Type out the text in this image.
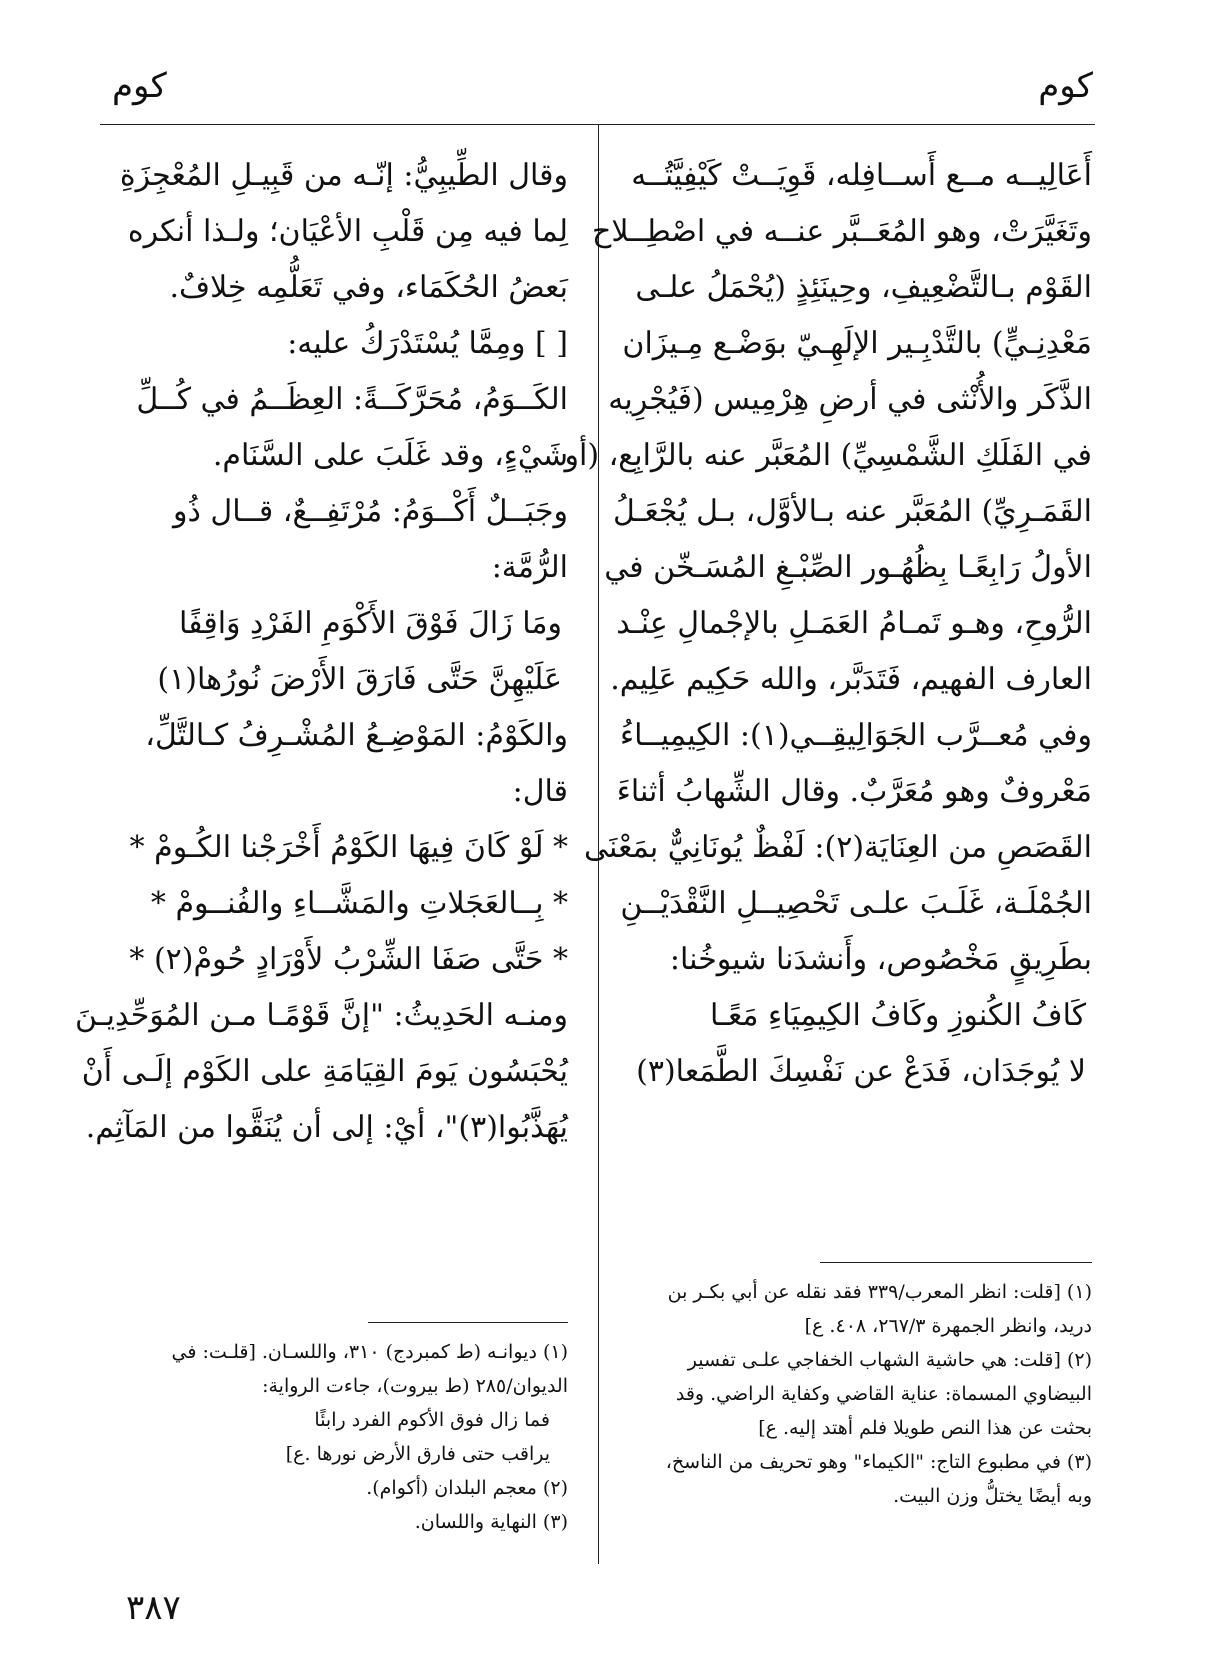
كوم
كوم
أَعَالِيــه مــع أَســافِله، قَوِيَــتْ كَيْفِيَّتُــه
وتَغَيَّرَتْ، وهو المُعَــبَّر عنــه في اصْطِــلاح
القَوْم بـالتَّضْعِيفِ، وحِينَئِذٍ (يُحْمَلُ علـى
مَعْدِنِـيٍّ) بالتَّدْبِـير الإلَهِـيّ بوَضْـع مِـيزَان
الذَّكَر والأُنْثى في أرضِ هِرْمِيس (فَيُجْرِيه
في الفَلَكِ الشَّمْسِيِّ) المُعَبَّر عنه بالرَّابِع، (أو
القَمَـرِيِّ) المُعَبَّر عنه بـالأوَّل، بـل يُجْعَـلُ
الأولُ رَابِعًـا بِظُهُـور الصِّبْـغِ المُسَـخّن في
الرُّوحِ، وهـو تَمـامُ العَمَـلِ بالإجْمالِ عِنْـد
العارف الفهيم، فَتَدَبَّر، والله حَكِيم عَلِيم.
وفي مُعــرَّب الجَوَالِيقِــي(١): الكِيمِيــاءُ
مَعْروفٌ وهو مُعَرَّبٌ. وقال الشِّهابُ أثناءَ
القَصَصِ من العِنَايَة(٢): لَفْظٌ يُونَانِيٌّ بمَعْنَى
الجُمْلَـة، غَلَـبَ علـى تَحْصِيــلِ النَّقْدَيْــنِ
بطَرِيقٍ مَخْصُوص، وأَنشدَنا شيوخُنا:
كَافُ الكُنوزِ وكَافُ الكِيمِيَاءِ مَعًـا
لا يُوجَدَان، فَدَعْ عن نَفْسِكَ الطَّمَعا(٣)
(١) [قلت: انظر المعرب/٣٣٩ فقد نقله عن أبي بكـر بن
دريد، وانظر الجمهرة ٢٦٧/٣، ٤٠٨. ع]
(٢) [قلت: هي حاشية الشهاب الخفاجي علـى تفسير
البيضاوي المسماة: عناية القاضي وكفاية الراضي. وقد
بحثت عن هذا النص طويلا فلم أهتد إليه. ع]
(٣) في مطبوع التاج: "الكيماء" وهو تحريف من الناسخ،
وبه أيضًا يختلُّ وزن البيت.
وقال الطِّيبِيُّ: إنّـه من قَبِيـلِ المُعْجِزَةِ
لِما فيه مِن قَلْبِ الأعْيَان؛ ولـذا أنكره
بَعضُ الحُكَمَاء، وفي تَعَلُّمِه خِلافٌ.
[ ] ومِمَّا يُسْتَدْرَكُ عليه:
الكَــوَمُ، مُحَرَّكَــةً: العِظَــمُ في كُــلِّ
شَيْءٍ، وقد غَلَبَ على السَّنَام.
وجَبَــلٌ أَكْــوَمُ: مُرْتَفِــعٌ، قــال ذُو
الرُّمَّة:
ومَا زَالَ فَوْقَ الأَكْوَمِ الفَرْدِ وَاقِفًا
عَلَيْهِنَّ حَتَّى فَارَقَ الأَرْضَ نُورُها(١)
والكَوْمُ: المَوْضِـعُ المُشْـرِفُ كـالتَّلِّ،
قال:
* لَوْ كَانَ فِيهَا الكَوْمُ أَخْرَجْنا الكُـومْ *
* بِــالعَجَلاتِ والمَشَّــاءِ والفُنــومْ *
* حَتَّى صَفَا الشِّرْبُ لأَوْرَادٍ حُومْ(٢) *
ومنـه الحَدِيثُ: "إنَّ قَوْمًـا مـن المُوَحِّدِيـنَ
يُحْبَسُون يَومَ القِيَامَةِ على الكَوْم إلَـى أَنْ
يُهَذَّبُوا(٣)"، أيْ: إلى أن يُنَقَّوا من المَآثِم.
(١) ديوانـه (ط كمبردج) ٣١٠، واللسـان. [قلـت: في
الديوان/٢٨٥ (ط بيروت)، جاءت الرواية:
فما زال فوق الأكوم الفرد رابئًا
يراقب حتى فارق الأرض نورها .ع]
(٢) معجم البلدان (أكوام).
(٣) النهاية واللسان.
٣٨٧
